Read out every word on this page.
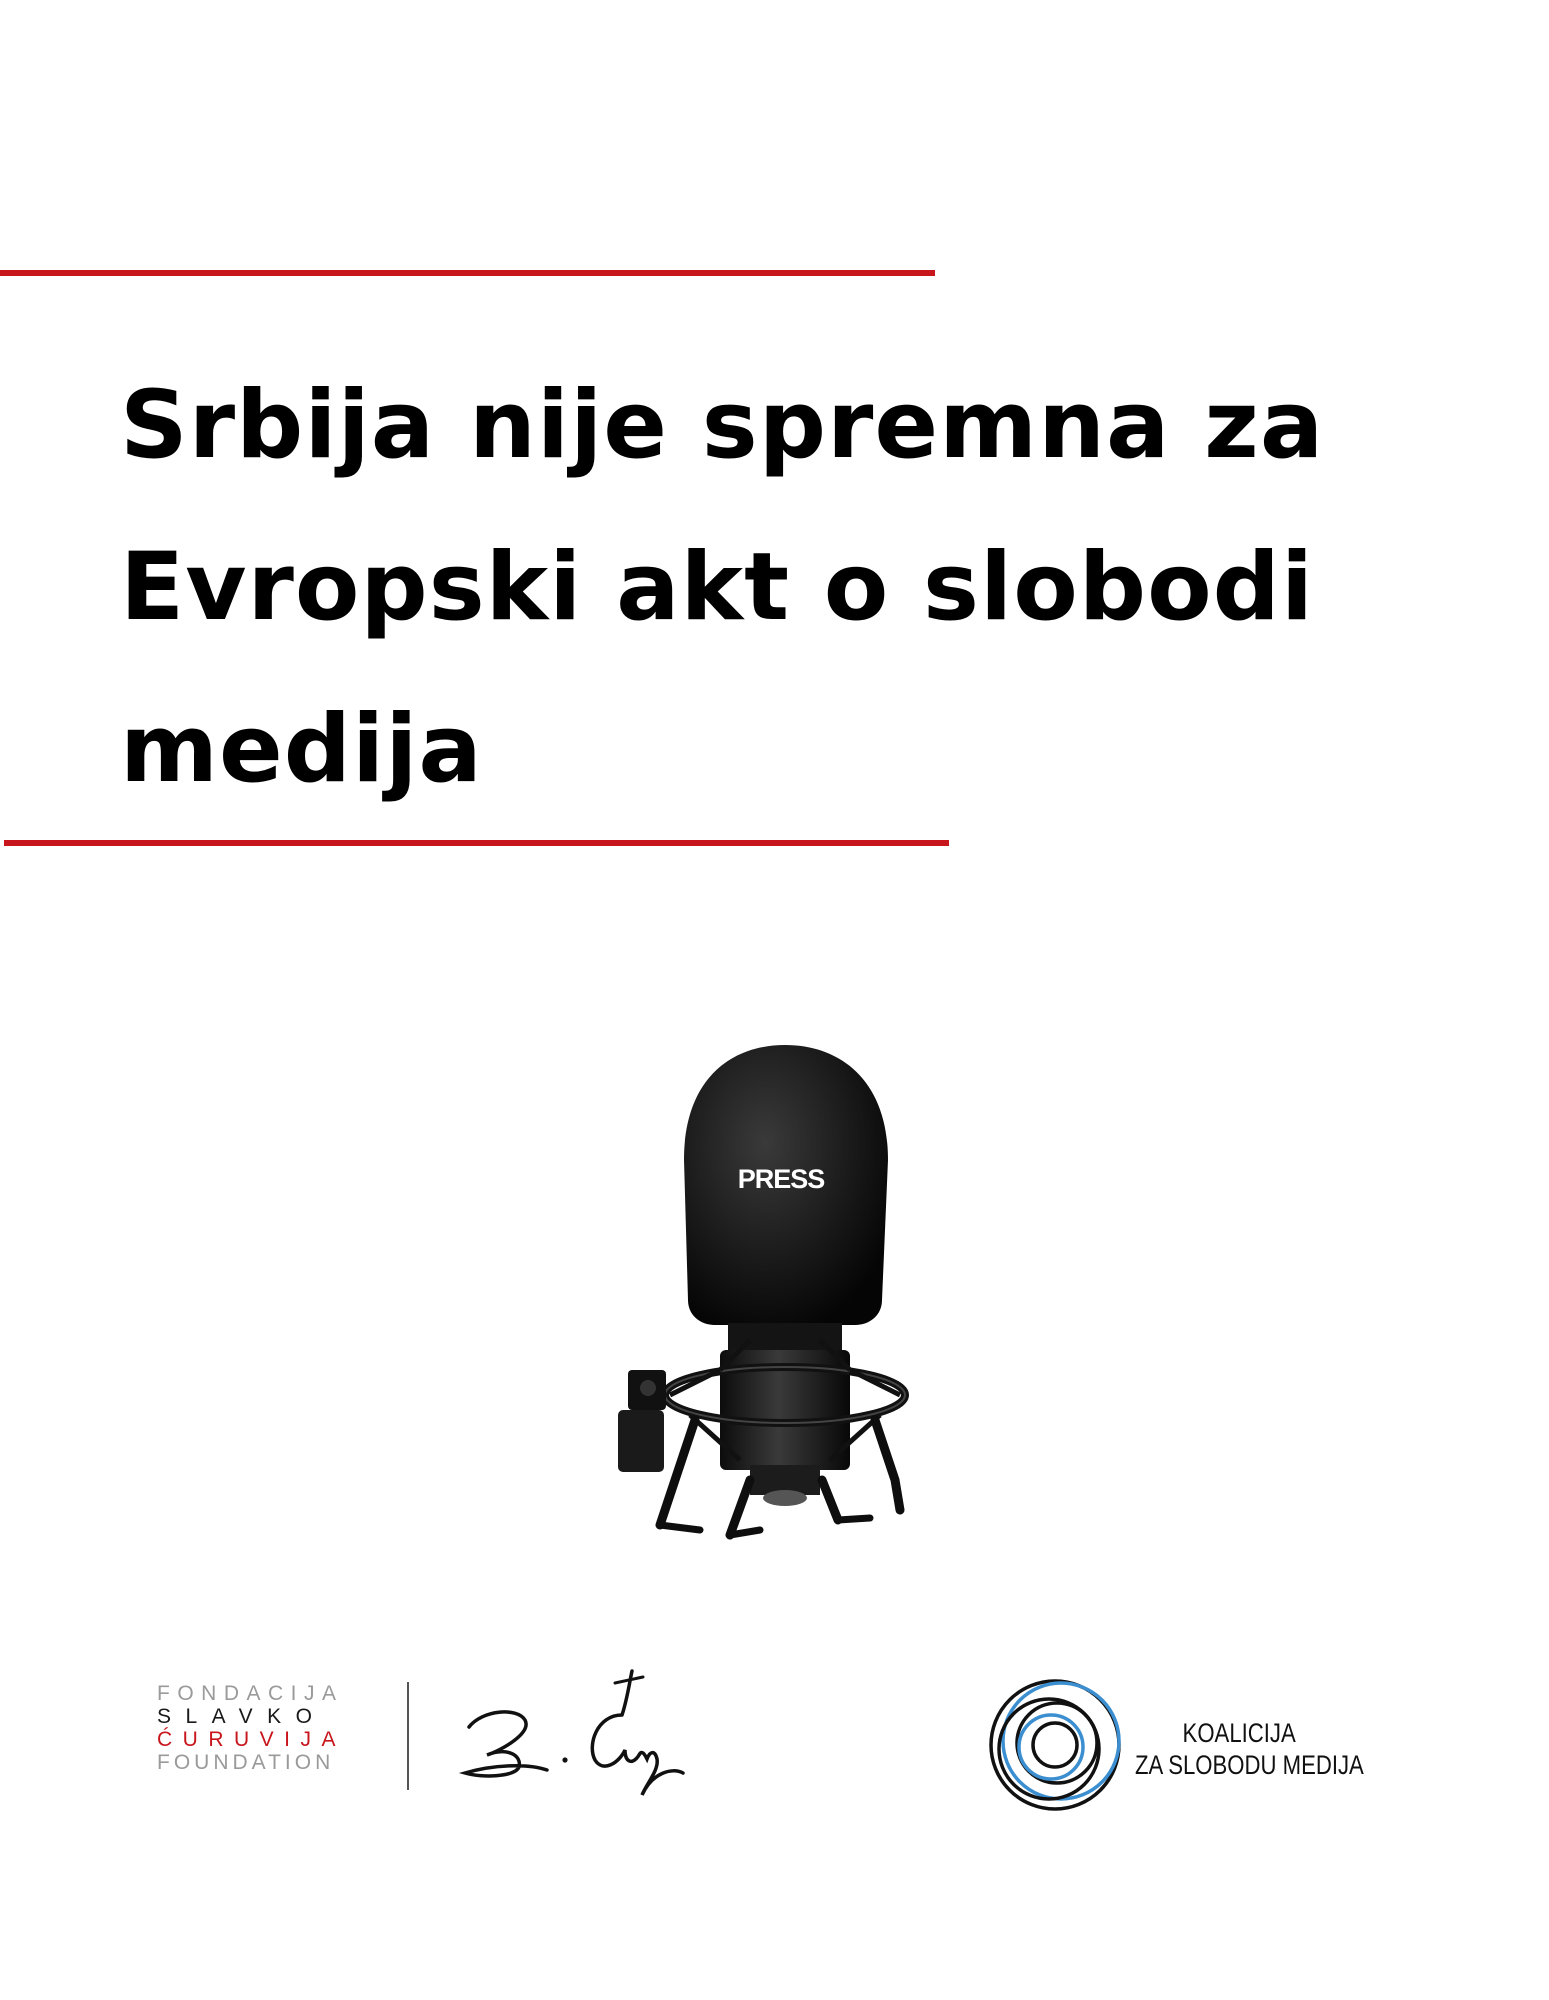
Srbija nije spremna za
Evropski akt o slobodi
medija
PRESS
FONDACIJA
SLAVKO
ĆURUVIJA
FOUNDATION
KOALICIJA
ZA SLOBODU MEDIJA
